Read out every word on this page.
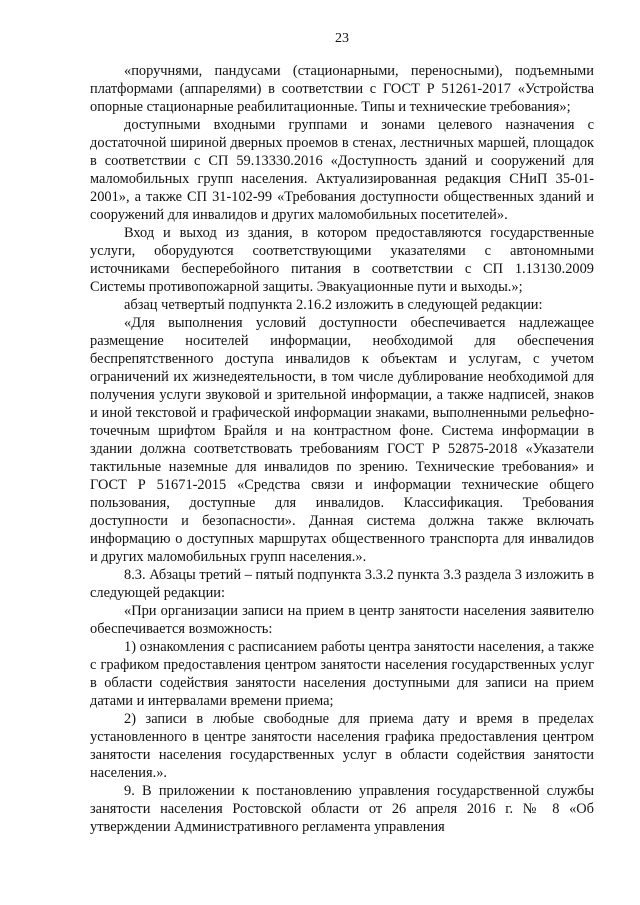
23

«поручнями, пандусами (стационарными, переносными), подъемными платформами (аппарелями) в соответствии с ГОСТ Р 51261-2017 «Устройства опорные стационарные реабилитационные. Типы и технические требования»;

доступными входными группами и зонами целевого назначения с достаточной шириной дверных проемов в стенах, лестничных маршей, площадок в соответствии с СП 59.13330.2016 «Доступность зданий и сооружений для маломобильных групп населения. Актуализированная редакция СНиП 35-01-2001», а также СП 31-102-99 «Требования доступности общественных зданий и сооружений для инвалидов и других маломобильных посетителей».

Вход и выход из здания, в котором предоставляются государственные услуги, оборудуются соответствующими указателями с автономными источниками бесперебойного питания в соответствии с СП 1.13130.2009 Системы противопожарной защиты. Эвакуационные пути и выходы.»;

абзац четвертый подпункта 2.16.2 изложить в следующей редакции:

«Для выполнения условий доступности обеспечивается надлежащее размещение носителей информации, необходимой для обеспечения беспрепятственного доступа инвалидов к объектам и услугам, с учетом ограничений их жизнедеятельности, в том числе дублирование необходимой для получения услуги звуковой и зрительной информации, а также надписей, знаков и иной текстовой и графической информации знаками, выполненными рельефно-точечным шрифтом Брайля и на контрастном фоне. Система информации в здании должна соответствовать требованиям ГОСТ Р 52875-2018 «Указатели тактильные наземные для инвалидов по зрению. Технические требования» и ГОСТ Р 51671-2015 «Средства связи и информации технические общего пользования, доступные для инвалидов. Классификация. Требования доступности и безопасности». Данная система должна также включать информацию о доступных маршрутах общественного транспорта для инвалидов и других маломобильных групп населения.».

8.3. Абзацы третий – пятый подпункта 3.3.2 пункта 3.3 раздела 3 изложить в следующей редакции:

«При организации записи на прием в центр занятости населения заявителю обеспечивается возможность:

1) ознакомления с расписанием работы центра занятости населения, а также с графиком предоставления центром занятости населения государственных услуг в области содействия занятости населения доступными для записи на прием датами и интервалами времени приема;

2) записи в любые свободные для приема дату и время в пределах установленного в центре занятости населения графика предоставления центром занятости населения государственных услуг в области содействия занятости населения.».

9. В приложении к постановлению управления государственной службы занятости населения Ростовской области от 26 апреля 2016 г. № 8 «Об утверждении Административного регламента управления
